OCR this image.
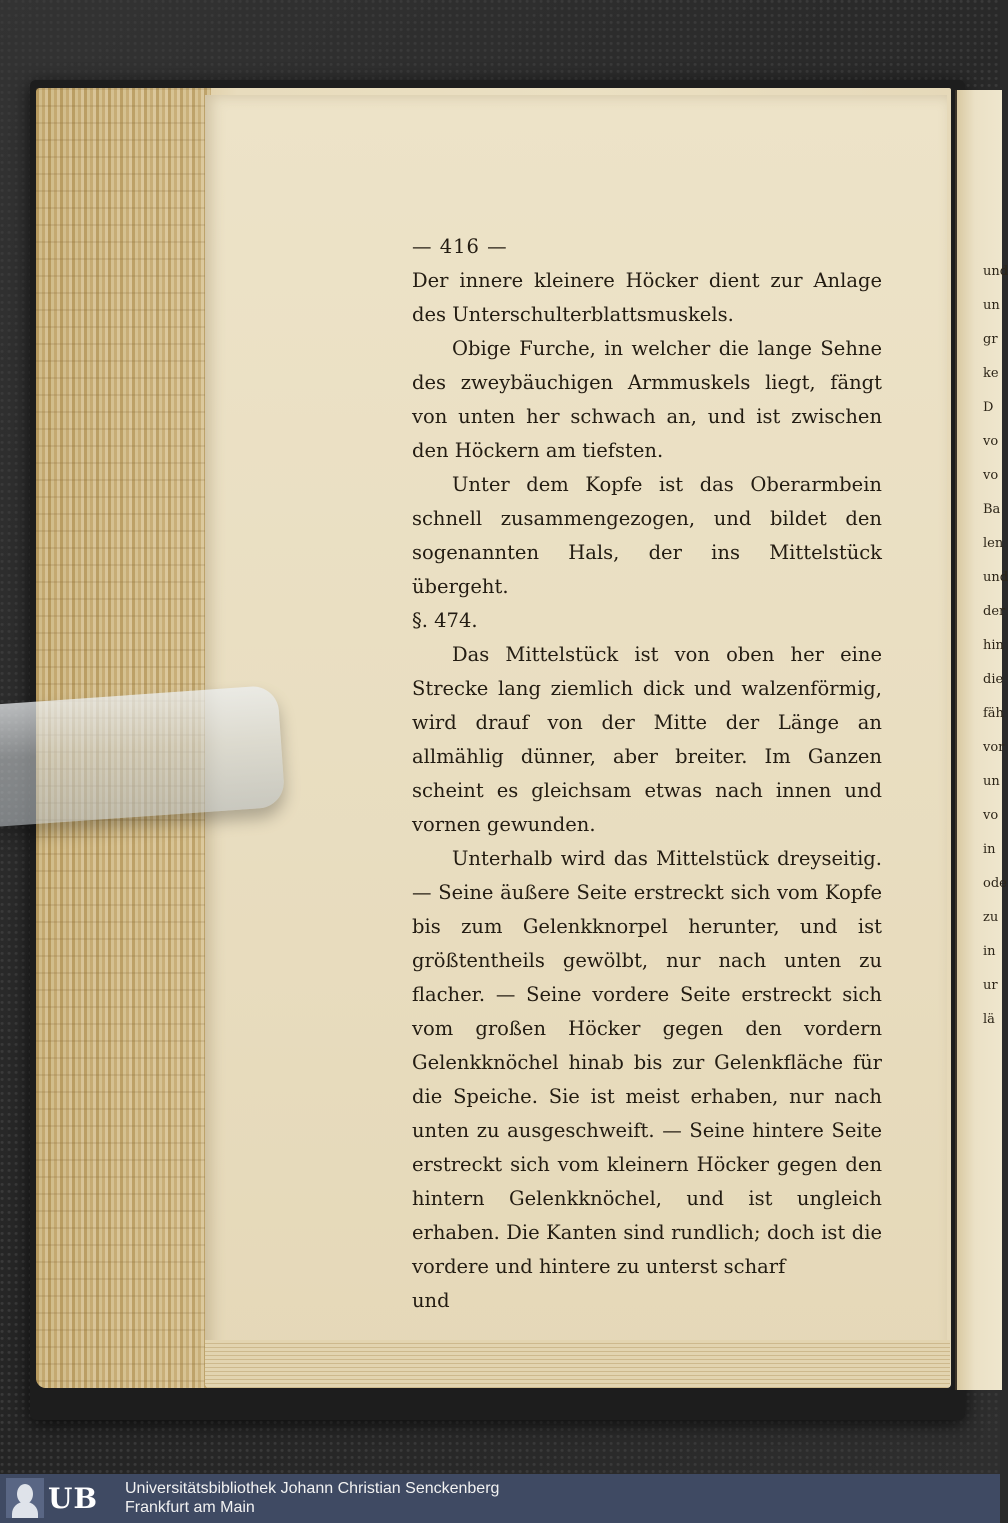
und
un
gr
ke
D
vo
vo
Ba
len
und
der
hin
die
fäh
vor
un
vo
in
ode
zu
in
ur
lä

— 416 —

Der innere kleinere Höcker dient zur Anlage des Unterschulterblattsmuskels.

Obige Furche, in welcher die lange Sehne des zweybäuchigen Armmuskels liegt, fängt von unten her schwach an, und ist zwischen den Höckern am tiefsten.

Unter dem Kopfe ist das Oberarmbein schnell zusammengezogen, und bildet den sogenannten Hals, der ins Mittelstück übergeht.

§. 474.

Das Mittelstück ist von oben her eine Strecke lang ziemlich dick und walzenförmig, wird drauf von der Mitte der Länge an allmählig dünner, aber breiter. Im Ganzen scheint es gleichsam etwas nach innen und vornen gewunden.

Unterhalb wird das Mittelstück dreyseitig. — Seine äußere Seite erstreckt sich vom Kopfe bis zum Gelenkknorpel herunter, und ist größtentheils gewölbt, nur nach unten zu flacher. — Seine vordere Seite erstreckt sich vom großen Höcker gegen den vordern Gelenkknöchel hinab bis zur Gelenkfläche für die Speiche. Sie ist meist erhaben, nur nach unten zu ausgeschweift. — Seine hintere Seite erstreckt sich vom kleinern Höcker gegen den hintern Gelenkknöchel, und ist ungleich erhaben. Die Kanten sind rundlich; doch ist die vordere und hintere zu unterst scharf

und

UB Universitätsbibliothek Johann Christian Senckenberg
Frankfurt am Main
